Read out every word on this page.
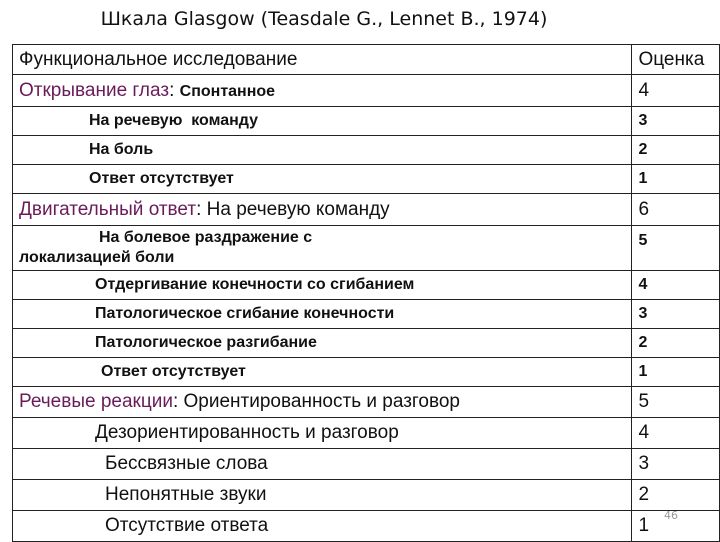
Шкала Glasgow (Teasdale G., Lennet B., 1974)
Функциональное исследование	Оценка
Открывание глаз: Спонтанное	4
На речевую  команду	3
На боль	2
Ответ отсутствует	1
Двигательный ответ: На речевую команду	6

На болевое раздражение с
локализацией боли	5
Отдергивание конечности со сгибанием	4
Патологическое сгибание конечности	3
Патологическое разгибание	2
Ответ отсутствует	1
Речевые реакции: Ориентированность и разговор	5
Дезориентированность и разговор	4
Бессвязные слова	3
Непонятные звуки	2
Отсутствие ответа	1 46
